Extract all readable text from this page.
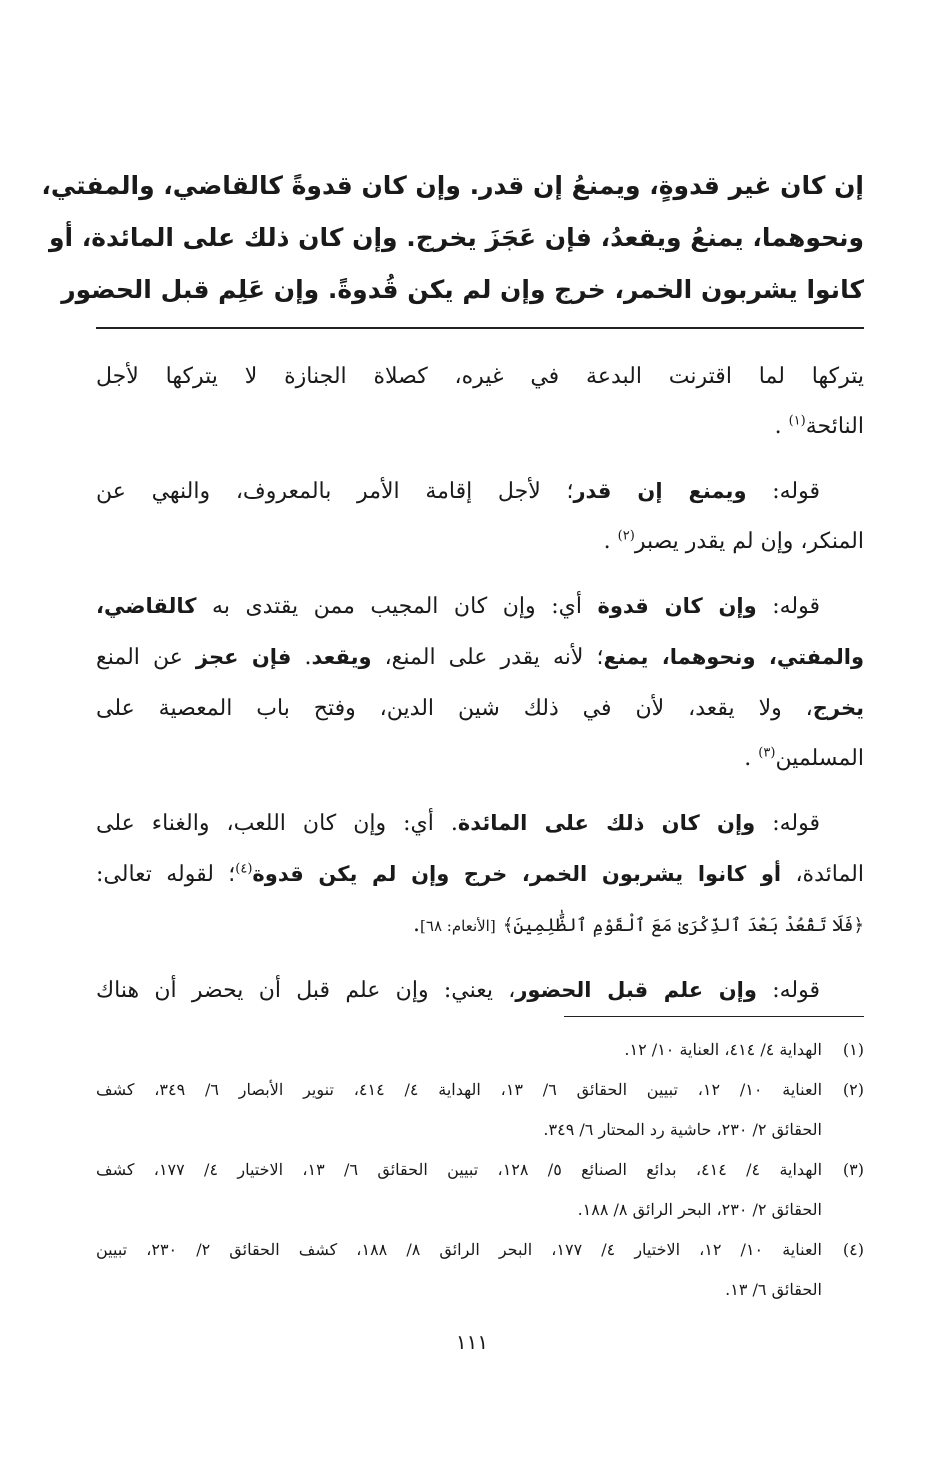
إن كان غير قدوةٍ، ويمنعُ إن قدر. وإن كان قدوةً كالقاضي، والمفتي،
ونحوهما، يمنعُ ويقعدُ، فإن عَجَزَ يخرج. وإن كان ذلك على المائدة، أو
كانوا يشربون الخمر، خرج وإن لم يكن قُدوةً. وإن عَلِم قبل الحضور
يتركها لما اقترنت البدعة في غيره، كصلاة الجنازة لا يتركها لأجل
النائحة$^{(١)}$ .
  قوله: ويمنع إن قدر؛ لأجل إقامة الأمر بالمعروف، والنهي عن
المنكر، وإن لم يقدر يصبر$^{(٢)}$ .
  قوله: وإن كان قدوة أي: وإن كان المجيب ممن يقتدى به كالقاضي،
والمفتي، ونحوهما، يمنع؛ لأنه يقدر على المنع، ويقعد. فإن عجز عن المنع
يخرج، ولا يقعد، لأن في ذلك شين الدين، وفتح باب المعصية على
المسلمين$^{(٣)}$ .
  قوله: وإن كان ذلك على المائدة. أي: وإن كان اللعب، والغناء على
المائدة، أو كانوا يشربون الخمر، خرج وإن لم يكن قدوة$^{(٤)}$؛ لقوله تعالى:
﴿فَلَا تَقْعُدْ بَعْدَ ٱلذِّكْرَىٰ مَعَ ٱلْقَوْمِ ٱلظَّٰلِمِينَ﴾ [الأنعام: ٦٨].
  قوله: وإن علم قبل الحضور، يعني: وإن علم قبل أن يحضر أن هناك
(١)
الهداية ٤/ ٤١٤، العناية ١٠/ ١٢.
(٢)
العناية ١٠/ ١٢، تبيين الحقائق ٦/ ١٣، الهداية ٤/ ٤١٤، تنوير الأبصار ٦/ ٣٤٩، كشف
الحقائق ٢/ ٢٣٠، حاشية رد المحتار ٦/ ٣٤٩.
(٣)
الهداية ٤/ ٤١٤، بدائع الصنائع ٥/ ١٢٨، تبيين الحقائق ٦/ ١٣، الاختيار ٤/ ١٧٧، كشف
الحقائق ٢/ ٢٣٠، البحر الرائق ٨/ ١٨٨.
(٤)
العناية ١٠/ ١٢، الاختيار ٤/ ١٧٧، البحر الرائق ٨/ ١٨٨، كشف الحقائق ٢/ ٢٣٠، تبيين
الحقائق ٦/ ١٣.
١١١
